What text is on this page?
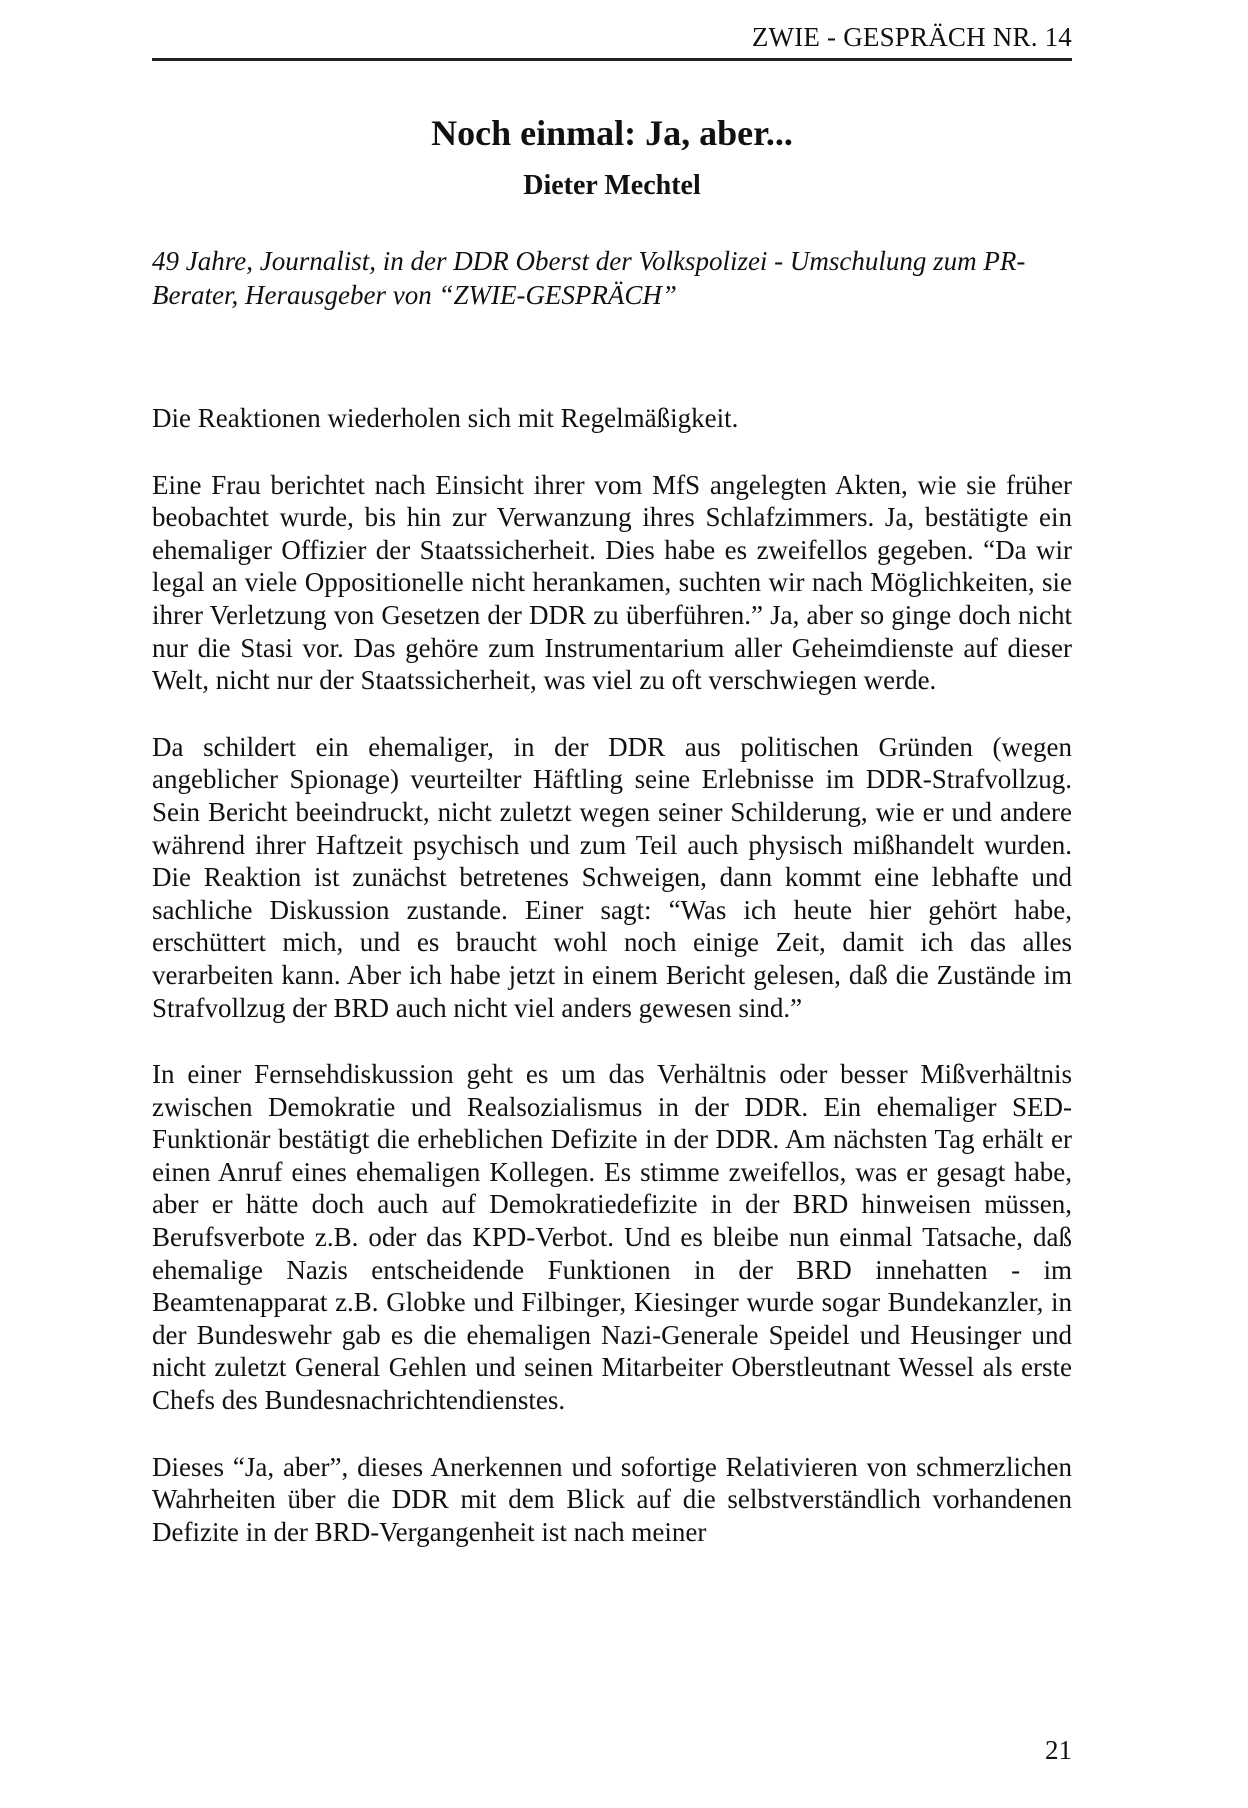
ZWIE - GESPRÄCH NR. 14
Noch einmal: Ja, aber...
Dieter Mechtel

49 Jahre, Journalist, in der DDR Oberst der Volkspolizei - Umschulung zum PR-Berater, Herausgeber von “ZWIE-GESPRÄCH”

Die Reaktionen wiederholen sich mit Regelmäßigkeit.

Eine Frau berichtet nach Einsicht ihrer vom MfS angelegten Akten, wie sie früher beobachtet wurde, bis hin zur Verwanzung ihres Schlafzimmers. Ja, bestätigte ein ehemaliger Offizier der Staatssicherheit. Dies habe es zweifellos gegeben. “Da wir legal an viele Oppositionelle nicht herankamen, suchten wir nach Möglichkeiten, sie ihrer Verletzung von Gesetzen der DDR zu überführen.” Ja, aber so ginge doch nicht nur die Stasi vor. Das gehöre zum Instrumentarium aller Geheimdienste auf dieser Welt, nicht nur der Staatssicherheit, was viel zu oft verschwiegen werde.

Da schildert ein ehemaliger, in der DDR aus politischen Gründen (wegen angeblicher Spionage) veurteilter Häftling seine Erlebnisse im DDR-Strafvollzug. Sein Bericht beeindruckt, nicht zuletzt wegen seiner Schilderung, wie er und andere während ihrer Haftzeit psychisch und zum Teil auch physisch mißhandelt wurden. Die Reaktion ist zunächst betretenes Schweigen, dann kommt eine lebhafte und sachliche Diskussion zustande. Einer sagt: “Was ich heute hier gehört habe, erschüttert mich, und es braucht wohl noch einige Zeit, damit ich das alles verarbeiten kann. Aber ich habe jetzt in einem Bericht gelesen, daß die Zustände im Strafvollzug der BRD auch nicht viel anders gewesen sind.”

In einer Fernsehdiskussion geht es um das Verhältnis oder besser Mißverhältnis zwischen Demokratie und Realsozialismus in der DDR. Ein ehemaliger SED-Funktionär bestätigt die erheblichen Defizite in der DDR. Am nächsten Tag erhält er einen Anruf eines ehemaligen Kollegen. Es stimme zweifellos, was er gesagt habe, aber er hätte doch auch auf Demokratiedefizite in der BRD hinweisen müssen, Berufsverbote z.B. oder das KPD-Verbot. Und es bleibe nun einmal Tatsache, daß ehemalige Nazis entscheidende Funktionen in der BRD innehatten - im Beamtenapparat z.B. Globke und Filbinger, Kiesinger wurde sogar Bundekanzler, in der Bundeswehr gab es die ehemaligen Nazi-Generale Speidel und Heusinger und nicht zuletzt General Gehlen und seinen Mitarbeiter Oberstleutnant Wessel als erste Chefs des Bundesnachrichtendienstes.

Dieses “Ja, aber”, dieses Anerkennen und sofortige Relativieren von schmerzlichen Wahrheiten über die DDR mit dem Blick auf die selbstverständlich vorhandenen Defizite in der BRD-Vergangenheit ist nach meiner

21
